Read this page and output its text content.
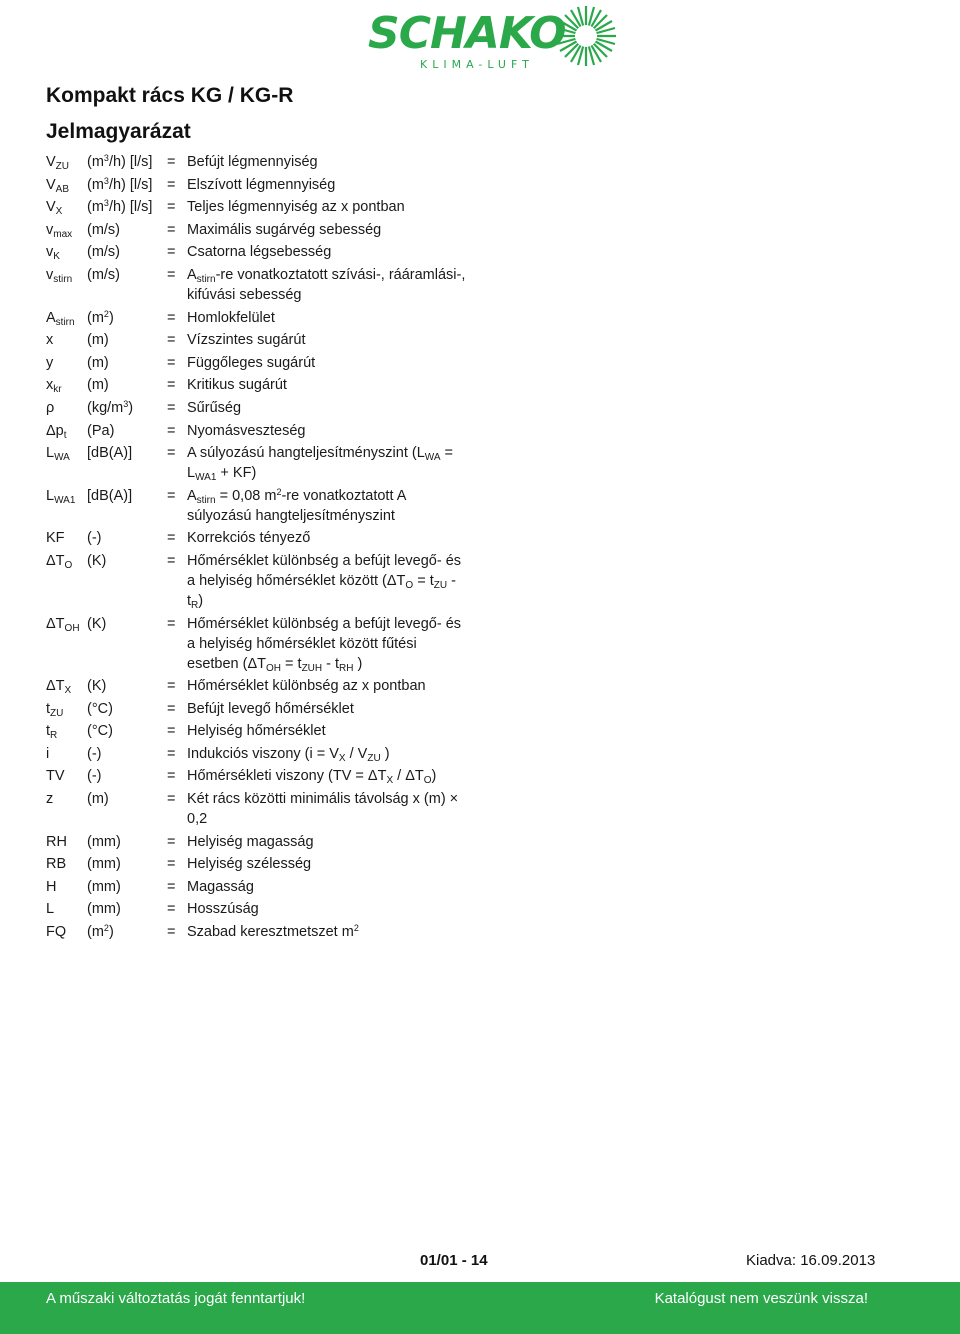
SCHAKO
KLIMA-LUFT
Kompakt rács KG / KG-R
Jelmagyarázat
$V_{ZU}$	$(m^3/h)$ [l/s]	= Befújt légmennyiség
$V_{AB}$	$(m^3/h)$ [l/s]	= Elszívott légmennyiség
$V_X$	$(m^3/h)$ [l/s]	= Teljes légmennyiség az x pontban
$v_{max}$	(m/s)	= Maximális sugárvég sebesség
$v_K$	(m/s)	= Csatorna légsebesség
$v_{stirn}$	(m/s)	= $A_{stirn}-re$ vonatkoztatott szívási-, rááramlási-, kifúvási sebesség
$A_{stirn}$ $(m^2)$	= Homlokfelület
x	(m)	= Vízszintes sugárút
y	(m)	= Függőleges sugárút
$x_{kr}$	(m)	= Kritikus sugárút
ρ	$(kg/m^3)$	= Sűrűség
$\Delta p_t$	(Pa)	= Nyomásveszteség
$L_{WA}$	[dB(A)]	= A súlyozású hangteljesítményszint $(L_{WA} = L_{WA1} + KF)$
$L_{WA1}$ [dB(A)]	= $A_{stirn} = 0,08$ $m^2-re$ vonatkoztatott A súlyozású hangteljesítményszint
KF	(-)	= Korrekciós tényező
$\Delta T_O$	(K)	= Hőmérséklet különbség a befújt levegő- és a helyiség hőmérséklet között $(\Delta T_O = t_{ZU} - t_R)$
$\Delta T_{OH}$ (K)	= Hőmérséklet különbség a befújt levegő- és a helyiség hőmérséklet között fűtési esetben ($\Delta T_{OH} = t_{ZUH} - t_{RH}$ )
$\Delta T_X$	(K)	= Hőmérséklet különbség az x pontban
$t_{ZU}$	(°C)	= Befújt levegő hőmérséklet
$t_R$	(°C)	= Helyiség hőmérséklet
i	(-)	= Indukciós viszony ($i = V_X / V_{ZU}$ )
TV	(-)	= Hőmérsékleti viszony $(TV = \Delta T_X / \Delta T_O)$
z	(m)	= Két rács közötti minimális távolság x (m) × 0,2
RH	(mm)	= Helyiség magasság
RB	(mm)	= Helyiség szélesség
H	(mm)	= Magasság
L	(mm)	= Hosszúság
FQ	$(m^2)$	= Szabad keresztmetszet $m^2$
01/01 - 14	Kiadva: 16.09.2013
A műszaki változtatás jogát fenntartjuk!	Katalógust nem veszünk vissza!
